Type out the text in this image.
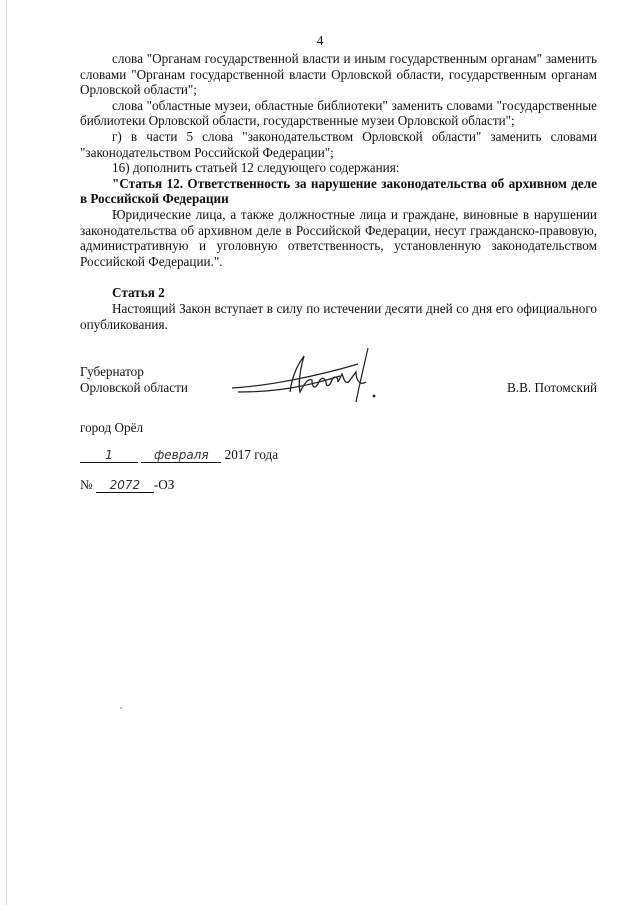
4

слова "Органам государственной власти и иным государственным органам" заменить словами "Органам государственной власти Орловской области, государственным органам Орловской области";

слова "областные музеи, областные библиотеки" заменить словами "государственные библиотеки Орловской области, государственные музеи Орловской области";

г) в части 5 слова "законодательством Орловской области" заменить словами "законодательством Российской Федерации";

16) дополнить статьей 12 следующего содержания:

"Статья 12. Ответственность за нарушение законодательства об архивном деле в Российской Федерации

Юридические лица, а также должностные лица и граждане, виновные в нарушении законодательства об архивном деле в Российской Федерации, несут гражданско-правовую, административную и уголовную ответственность, установленную законодательством Российской Федерации.".

Статья 2

Настоящий Закон вступает в силу по истечении десяти дней со дня его официального опубликования.

Губернатор
Орловской области	В.В. Потомский
город Орёл
1	февраля 2017 года
№ 2072 -ОЗ
